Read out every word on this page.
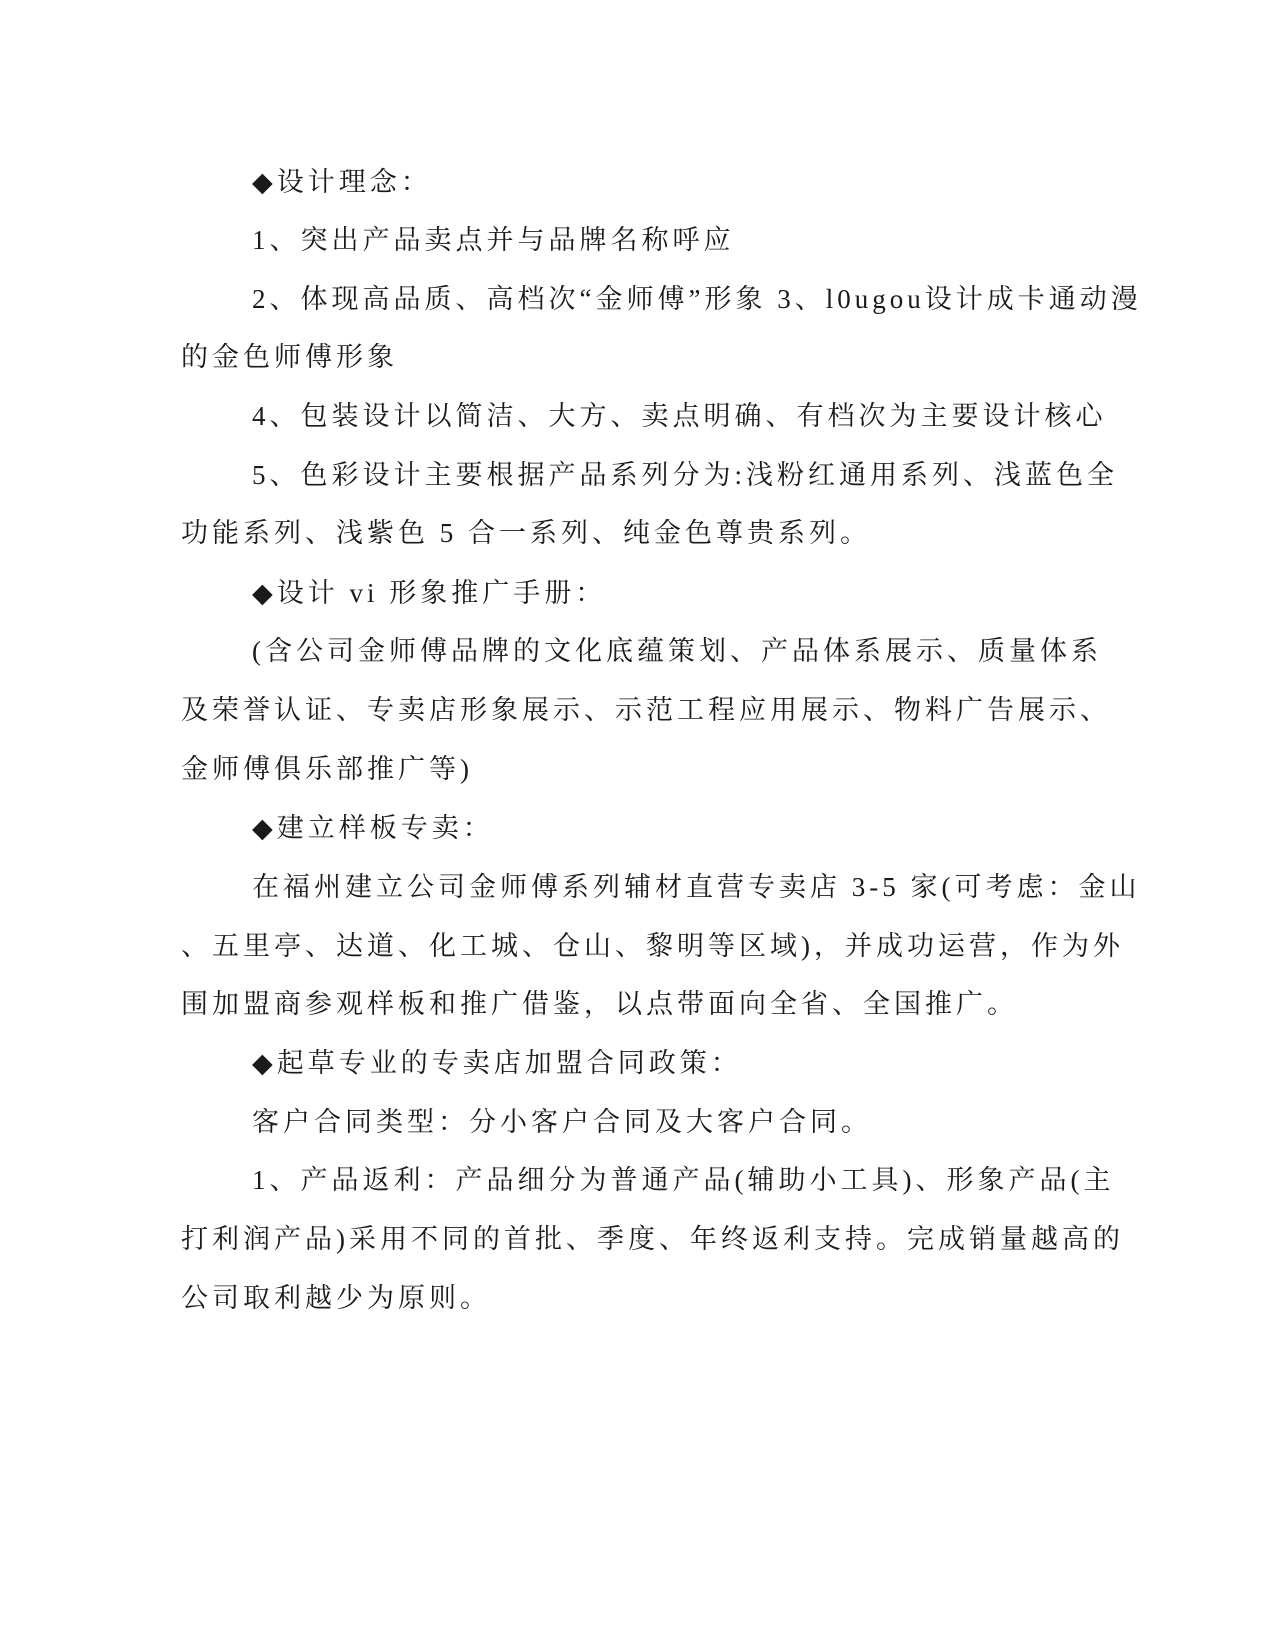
◆设计理念：

1、突出产品卖点并与品牌名称呼应

2、体现高品质、高档次“金师傅”形象 3、l0ugou设计成卡通动漫

的金色师傅形象

4、包装设计以简洁、大方、卖点明确、有档次为主要设计核心

5、色彩设计主要根据产品系列分为:浅粉红通用系列、浅蓝色全

功能系列、浅紫色 5 合一系列、纯金色尊贵系列。

◆设计 vi 形象推广手册：

(含公司金师傅品牌的文化底蕴策划、产品体系展示、质量体系

及荣誉认证、专卖店形象展示、示范工程应用展示、物料广告展示、

金师傅俱乐部推广等)

◆建立样板专卖：

在福州建立公司金师傅系列辅材直营专卖店 3-5 家(可考虑：金山

、五里亭、达道、化工城、仓山、黎明等区域)，并成功运营，作为外

围加盟商参观样板和推广借鉴，以点带面向全省、全国推广。

◆起草专业的专卖店加盟合同政策：

客户合同类型：分小客户合同及大客户合同。

1、产品返利：产品细分为普通产品(辅助小工具)、形象产品(主

打利润产品)采用不同的首批、季度、年终返利支持。完成销量越高的

公司取利越少为原则。
